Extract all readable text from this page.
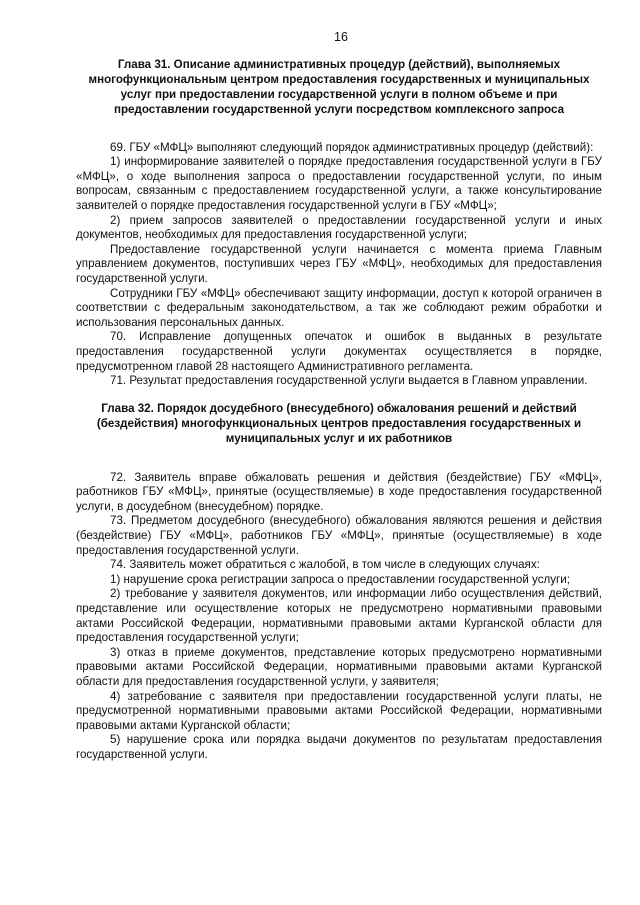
16
Глава 31. Описание административных процедур (действий), выполняемых многофункциональным центром предоставления государственных и муниципальных услуг при предоставлении государственной услуги в полном объеме и при предоставлении государственной услуги посредством комплексного запроса

69. ГБУ «МФЦ» выполняют следующий порядок административных процедур (действий):

1) информирование заявителей о порядке предоставления государственной услуги в ГБУ «МФЦ», о ходе выполнения запроса о предоставлении государственной услуги, по иным вопросам, связанным с предоставлением государственной услуги, а также консультирование заявителей о порядке предоставления государственной услуги в ГБУ «МФЦ»;

2) прием запросов заявителей о предоставлении государственной услуги и иных документов, необходимых для предоставления государственной услуги;

Предоставление государственной услуги начинается с момента приема Главным управлением документов, поступивших через ГБУ «МФЦ», необходимых для предоставления государственной услуги.

Сотрудники ГБУ «МФЦ» обеспечивают защиту информации, доступ к которой ограничен в соответствии с федеральным законодательством, а так же соблюдают режим обработки и использования персональных данных.

70. Исправление допущенных опечаток и ошибок в выданных в результате предоставления государственной услуги документах осуществляется в порядке, предусмотренном главой 28 настоящего Административного регламента.

71. Результат предоставления государственной услуги выдается в Главном управлении.

Глава 32. Порядок досудебного (внесудебного) обжалования решений и действий (бездействия) многофункциональных центров предоставления государственных и муниципальных услуг и их работников

72. Заявитель вправе обжаловать решения и действия (бездействие) ГБУ «МФЦ», работников ГБУ «МФЦ», принятые (осуществляемые) в ходе предоставления государственной услуги, в досудебном (внесудебном) порядке.

73. Предметом досудебного (внесудебного) обжалования являются решения и действия (бездействие) ГБУ «МФЦ», работников ГБУ «МФЦ», принятые (осуществляемые) в ходе предоставления государственной услуги.

74. Заявитель может обратиться с жалобой, в том числе в следующих случаях:

1) нарушение срока регистрации запроса о предоставлении государственной услуги;

2) требование у заявителя документов, или информации либо осуществления действий, представление или осуществление которых не предусмотрено нормативными правовыми актами Российской Федерации, нормативными правовыми актами Курганской области для предоставления государственной услуги;

3) отказ в приеме документов, представление которых предусмотрено нормативными правовыми актами Российской Федерации, нормативными правовыми актами Курганской области для предоставления государственной услуги, у заявителя;

4) затребование с заявителя при предоставлении государственной услуги платы, не предусмотренной нормативными правовыми актами Российской Федерации, нормативными правовыми актами Курганской области;

5) нарушение срока или порядка выдачи документов по результатам предоставления государственной услуги.
